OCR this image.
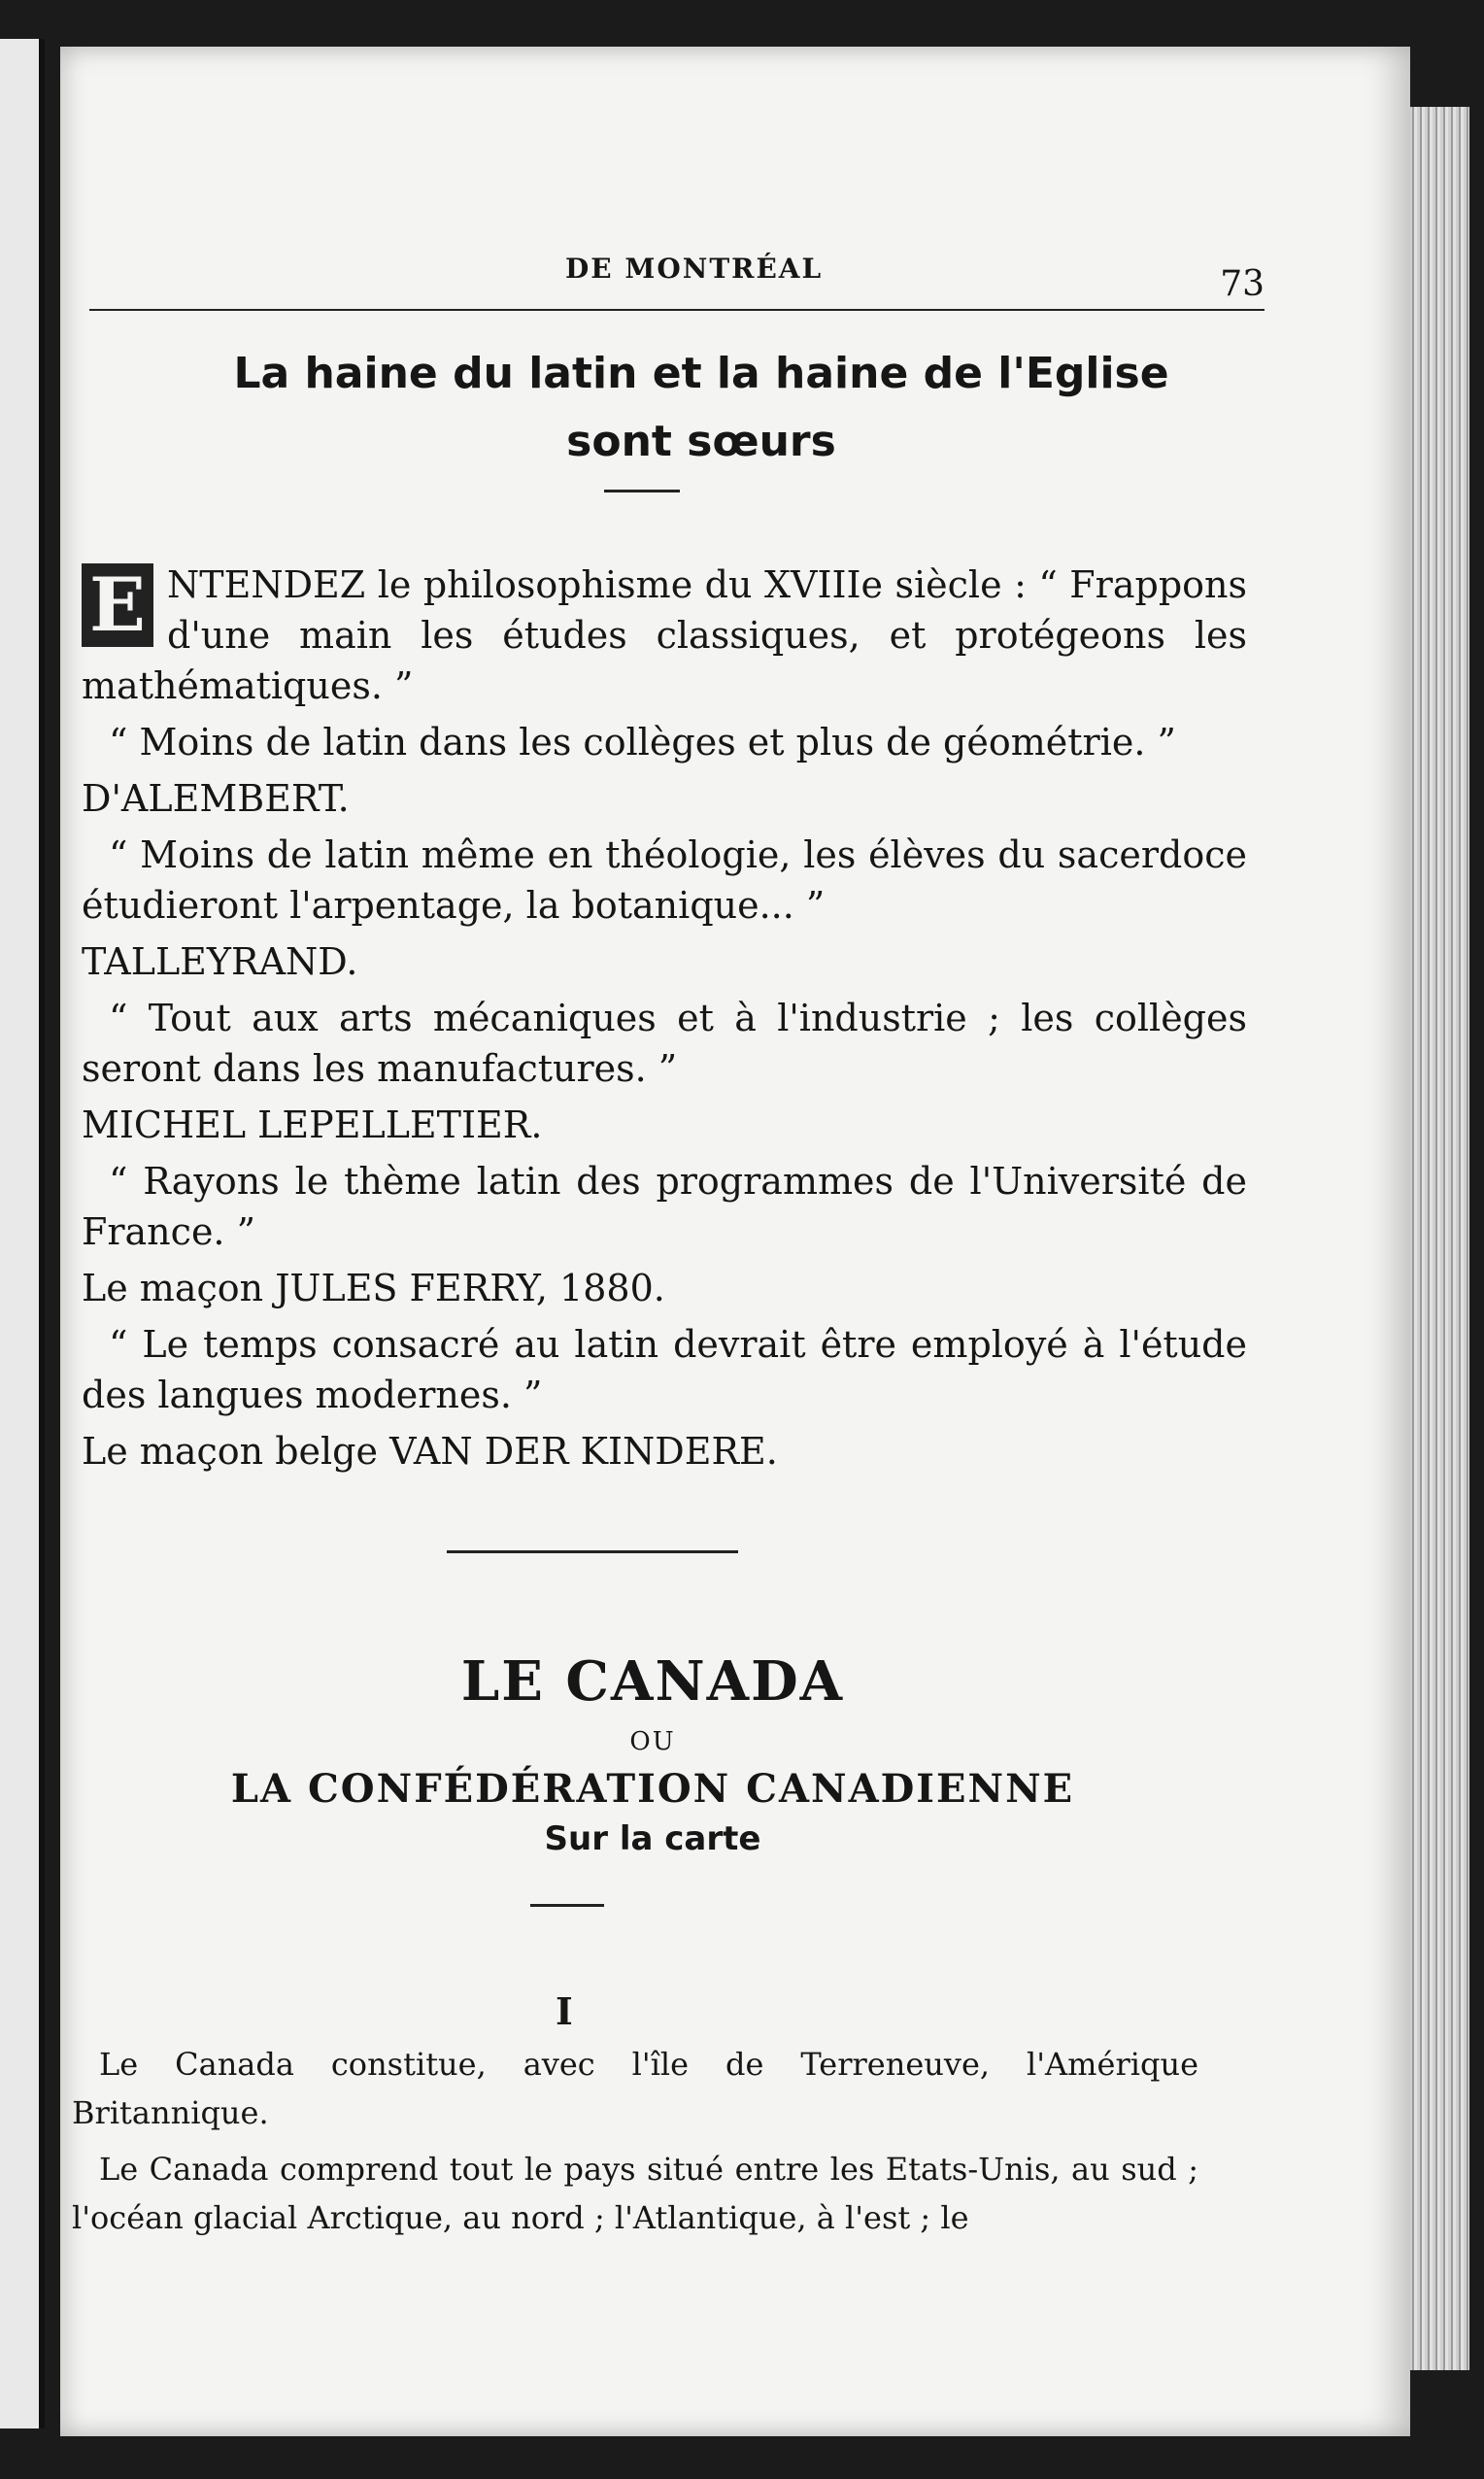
DE MONTRÉAL	73
La haine du latin et la haine de l'Eglise
sont sœurs

E NTENDEZ le philosophisme du XVIIIe siècle : “ Frappons d'une main les études classiques, et protégeons les mathématiques. ”

“ Moins de latin dans les collèges et plus de géométrie. ”

D'ALEMBERT.

“ Moins de latin même en théologie, les élèves du sacerdoce étudieront l'arpentage, la botanique... ”

TALLEYRAND.

“ Tout aux arts mécaniques et à l'industrie ; les collèges seront dans les manufactures. ”

MICHEL LEPELLETIER.

“ Rayons le thème latin des programmes de l'Université de France. ”

Le maçon JULES FERRY, 1880.

“ Le temps consacré au latin devrait être employé à l'étude des langues modernes. ”

Le maçon belge VAN DER KINDERE.

LE CANADA
OU
LA CONFÉDÉRATION CANADIENNE
Sur la carte
I

Le Canada constitue, avec l'île de Terreneuve, l'Amérique Britannique.

Le Canada comprend tout le pays situé entre les Etats-Unis, au sud ; l'océan glacial Arctique, au nord ; l'Atlantique, à l'est ; le
